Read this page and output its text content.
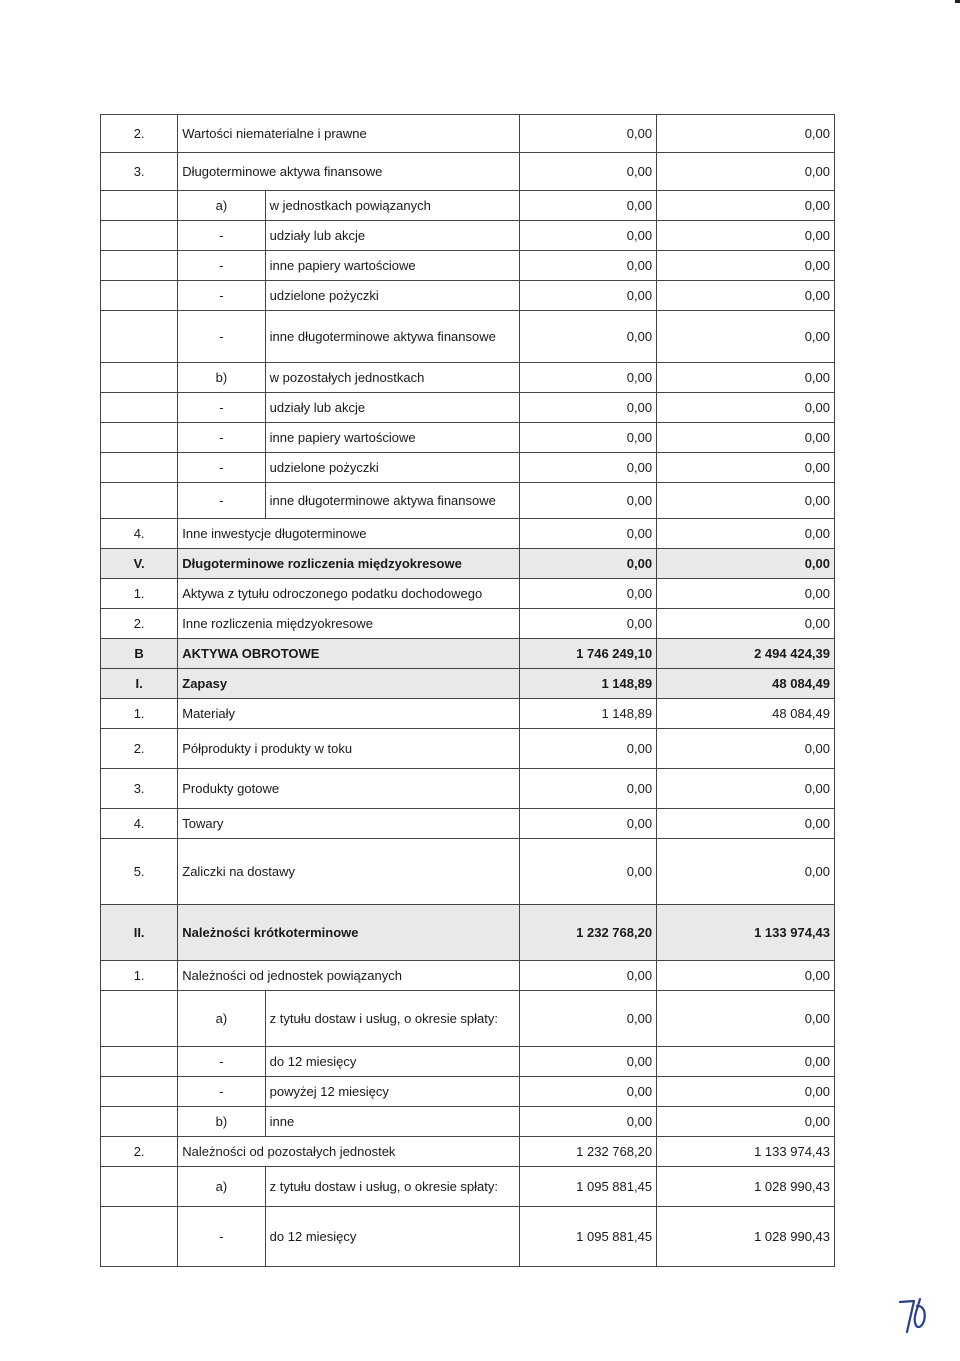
2.	Wartości niematerialne i prawne		0,00	0,00
3.	Długoterminowe aktywa finansowe		0,00	0,00
	a)	w jednostkach powiązanych	0,00	0,00
	-	udziały lub akcje	0,00	0,00
	-	inne papiery wartościowe	0,00	0,00
	-	udzielone pożyczki	0,00	0,00
	-	inne długoterminowe aktywa finansowe	0,00	0,00
	b)	w pozostałych jednostkach	0,00	0,00
	-	udziały lub akcje	0,00	0,00
	-	inne papiery wartościowe	0,00	0,00
	-	udzielone pożyczki	0,00	0,00
	-	inne długoterminowe aktywa finansowe	0,00	0,00
4.	Inne inwestycje długoterminowe		0,00	0,00
V.	Długoterminowe rozliczenia międzyokresowe		0,00	0,00
1.	Aktywa z tytułu odroczonego podatku dochodowego		0,00	0,00
2.	Inne rozliczenia międzyokresowe		0,00	0,00
B	AKTYWA OBROTOWE		1 746 249,10	2 494 424,39
I.	Zapasy		1 148,89	48 084,49
1.	Materiały		1 148,89	48 084,49
2.	Półprodukty i produkty w toku		0,00	0,00
3.	Produkty gotowe		0,00	0,00
4.	Towary		0,00	0,00
5.	Zaliczki na dostawy		0,00	0,00
II.	Należności krótkoterminowe		1 232 768,20	1 133 974,43
1.	Należności od jednostek powiązanych		0,00	0,00
	a)	z tytułu dostaw i usług, o okresie spłaty:	0,00	0,00
	-	do 12 miesięcy	0,00	0,00
	-	powyżej 12 miesięcy	0,00	0,00
	b)	inne	0,00	0,00
2.	Należności od pozostałych jednostek		1 232 768,20	1 133 974,43
	a)	z tytułu dostaw i usług, o okresie spłaty:	1 095 881,45	1 028 990,43
	-	do 12 miesięcy	1 095 881,45	1 028 990,43
